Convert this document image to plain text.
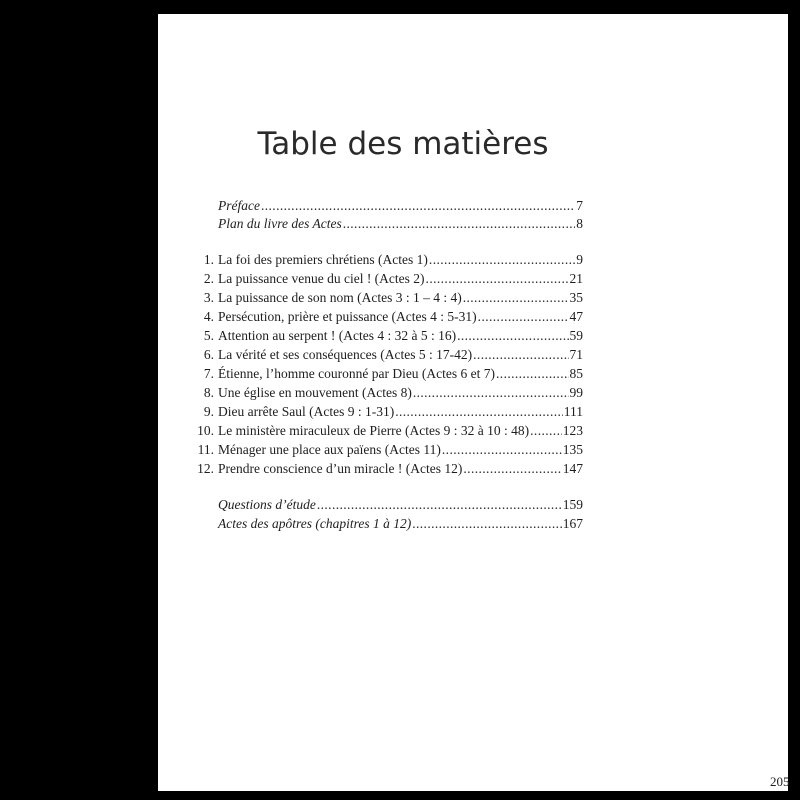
Table des matières
Préface .....	7
Plan du livre des Actes .....	8
1. La foi des premiers chrétiens (Actes 1) .....	9
2. La puissance venue du ciel ! (Actes 2) .....	21
3. La puissance de son nom (Actes 3 : 1 – 4 : 4) .....	35
4. Persécution, prière et puissance (Actes 4 : 5-31) .....	47
5. Attention au serpent ! (Actes 4 : 32 à 5 : 16) .....	59
6. La vérité et ses conséquences (Actes 5 : 17-42) .....	71
7. Étienne, l’homme couronné par Dieu (Actes 6 et 7) .....	85
8. Une église en mouvement (Actes 8) .....	99
9. Dieu arrête Saul (Actes 9 : 1-31) .....	111
10. Le ministère miraculeux de Pierre (Actes 9 : 32 à 10 : 48) ..... 123
11. Ménager une place aux païens (Actes 11) .....	135
12. Prendre conscience d’un miracle ! (Actes 12) .....	147
Questions d’étude .....	159
Actes des apôtres (chapitres 1 à 12) .....	167
205
